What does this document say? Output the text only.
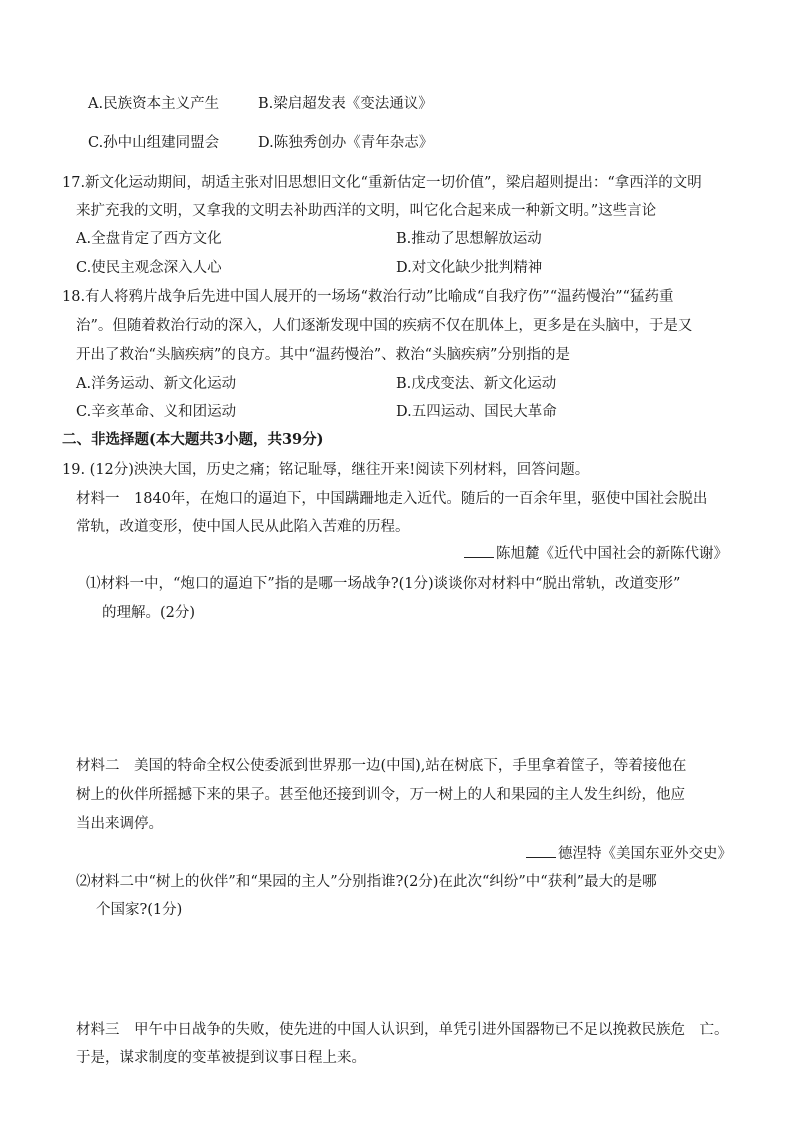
A.民族资本主义产生	B.梁启超发表《变法通议》
C.孙中山组建同盟会	D.陈独秀创办《青年杂志》
17.新文化运动期间，胡适主张对旧思想旧文化“重新估定一切价值”，梁启超则提出：“拿西洋的文明
来扩充我的文明，又拿我的文明去补助西洋的文明，叫它化合起来成一种新文明。”这些言论
A.全盘肯定了西方文化	B.推动了思想解放运动
C.使民主观念深入人心	D.对文化缺少批判精神
18.有人将鸦片战争后先进中国人展开的一场场“救治行动”比喻成“自我疗伤”“温药慢治”“猛药重
治”。但随着救治行动的深入，人们逐渐发现中国的疾病不仅在肌体上，更多是在头脑中，于是又
开出了救治“头脑疾病”的良方。其中“温药慢治”、救治“头脑疾病”分别指的是
A.洋务运动、新文化运动	B.戊戌变法、新文化运动
C.辛亥革命、义和团运动	D.五四运动、国民大革命
二、非选择题(本大题共3小题，共39分)
19. (12分)泱泱大国，历史之痛；铭记耻辱，继往开来!阅读下列材料，回答问题。
材料一　1840年，在炮口的逼迫下，中国蹒跚地走入近代。随后的一百余年里，驱使中国社会脱出
常轨，改道变形，使中国人民从此陷入苦难的历程。
陈旭麓《近代中国社会的新陈代谢》
⑴材料一中，“炮口的逼迫下”指的是哪一场战争?(1分)谈谈你对材料中“脱出常轨，改道变形”
的理解。(2分)
材料二　美国的特命全权公使委派到世界那一边(中国),站在树底下，手里拿着筐子，等着接他在
树上的伙伴所摇撼下来的果子。甚至他还接到训令，万一树上的人和果园的主人发生纠纷，他应
当出来调停。
德涅特《美国东亚外交史》
⑵材料二中“树上的伙伴”和“果园的主人”分别指谁?(2分)在此次“纠纷”中“获利”最大的是哪
个国家?(1分)
材料三　甲午中日战争的失败，使先进的中国人认识到，单凭引进外国器物已不足以挽救民族危　亡。
于是，谋求制度的变革被提到议事日程上来。
